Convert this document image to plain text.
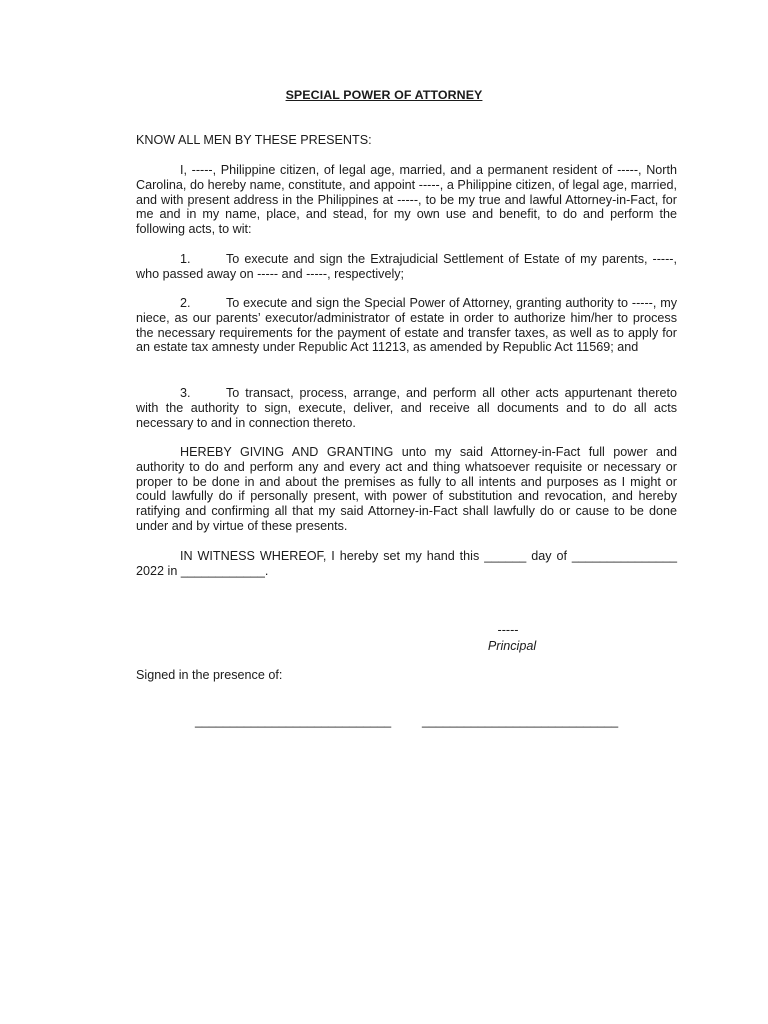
SPECIAL POWER OF ATTORNEY
KNOW ALL MEN BY THESE PRESENTS:
I, -----, Philippine citizen, of legal age, married, and a permanent resident of -----, North Carolina, do hereby name, constitute, and appoint -----, a Philippine citizen, of legal age, married, and with present address in the Philippines at -----, to be my true and lawful Attorney-in-Fact, for me and in my name, place, and stead, for my own use and benefit, to do and perform the following acts, to wit:
1.	To execute and sign the Extrajudicial Settlement of Estate of my parents, -----, who passed away on ----- and -----, respectively;
2.	To execute and sign the Special Power of Attorney, granting authority to -----, my niece, as our parents’ executor/administrator of estate in order to authorize him/her to process the necessary requirements for the payment of estate and transfer taxes, as well as to apply for an estate tax amnesty under Republic Act 11213, as amended by Republic Act 11569; and
3.	To transact, process, arrange, and perform all other acts appurtenant thereto with the authority to sign, execute, deliver, and receive all documents and to do all acts necessary to and in connection thereto.
HEREBY GIVING AND GRANTING unto my said Attorney-in-Fact full power and authority to do and perform any and every act and thing whatsoever requisite or necessary or proper to be done in and about the premises as fully to all intents and purposes as I might or could lawfully do if personally present, with power of substitution and revocation, and hereby ratifying and confirming all that my said Attorney-in-Fact shall lawfully do or cause to be done under and by virtue of these presents.
IN WITNESS WHEREOF, I hereby set my hand this ______ day of _______________ 2022 in ____________.
-----
Principal
Signed in the presence of:
____________________________ ____________________________
